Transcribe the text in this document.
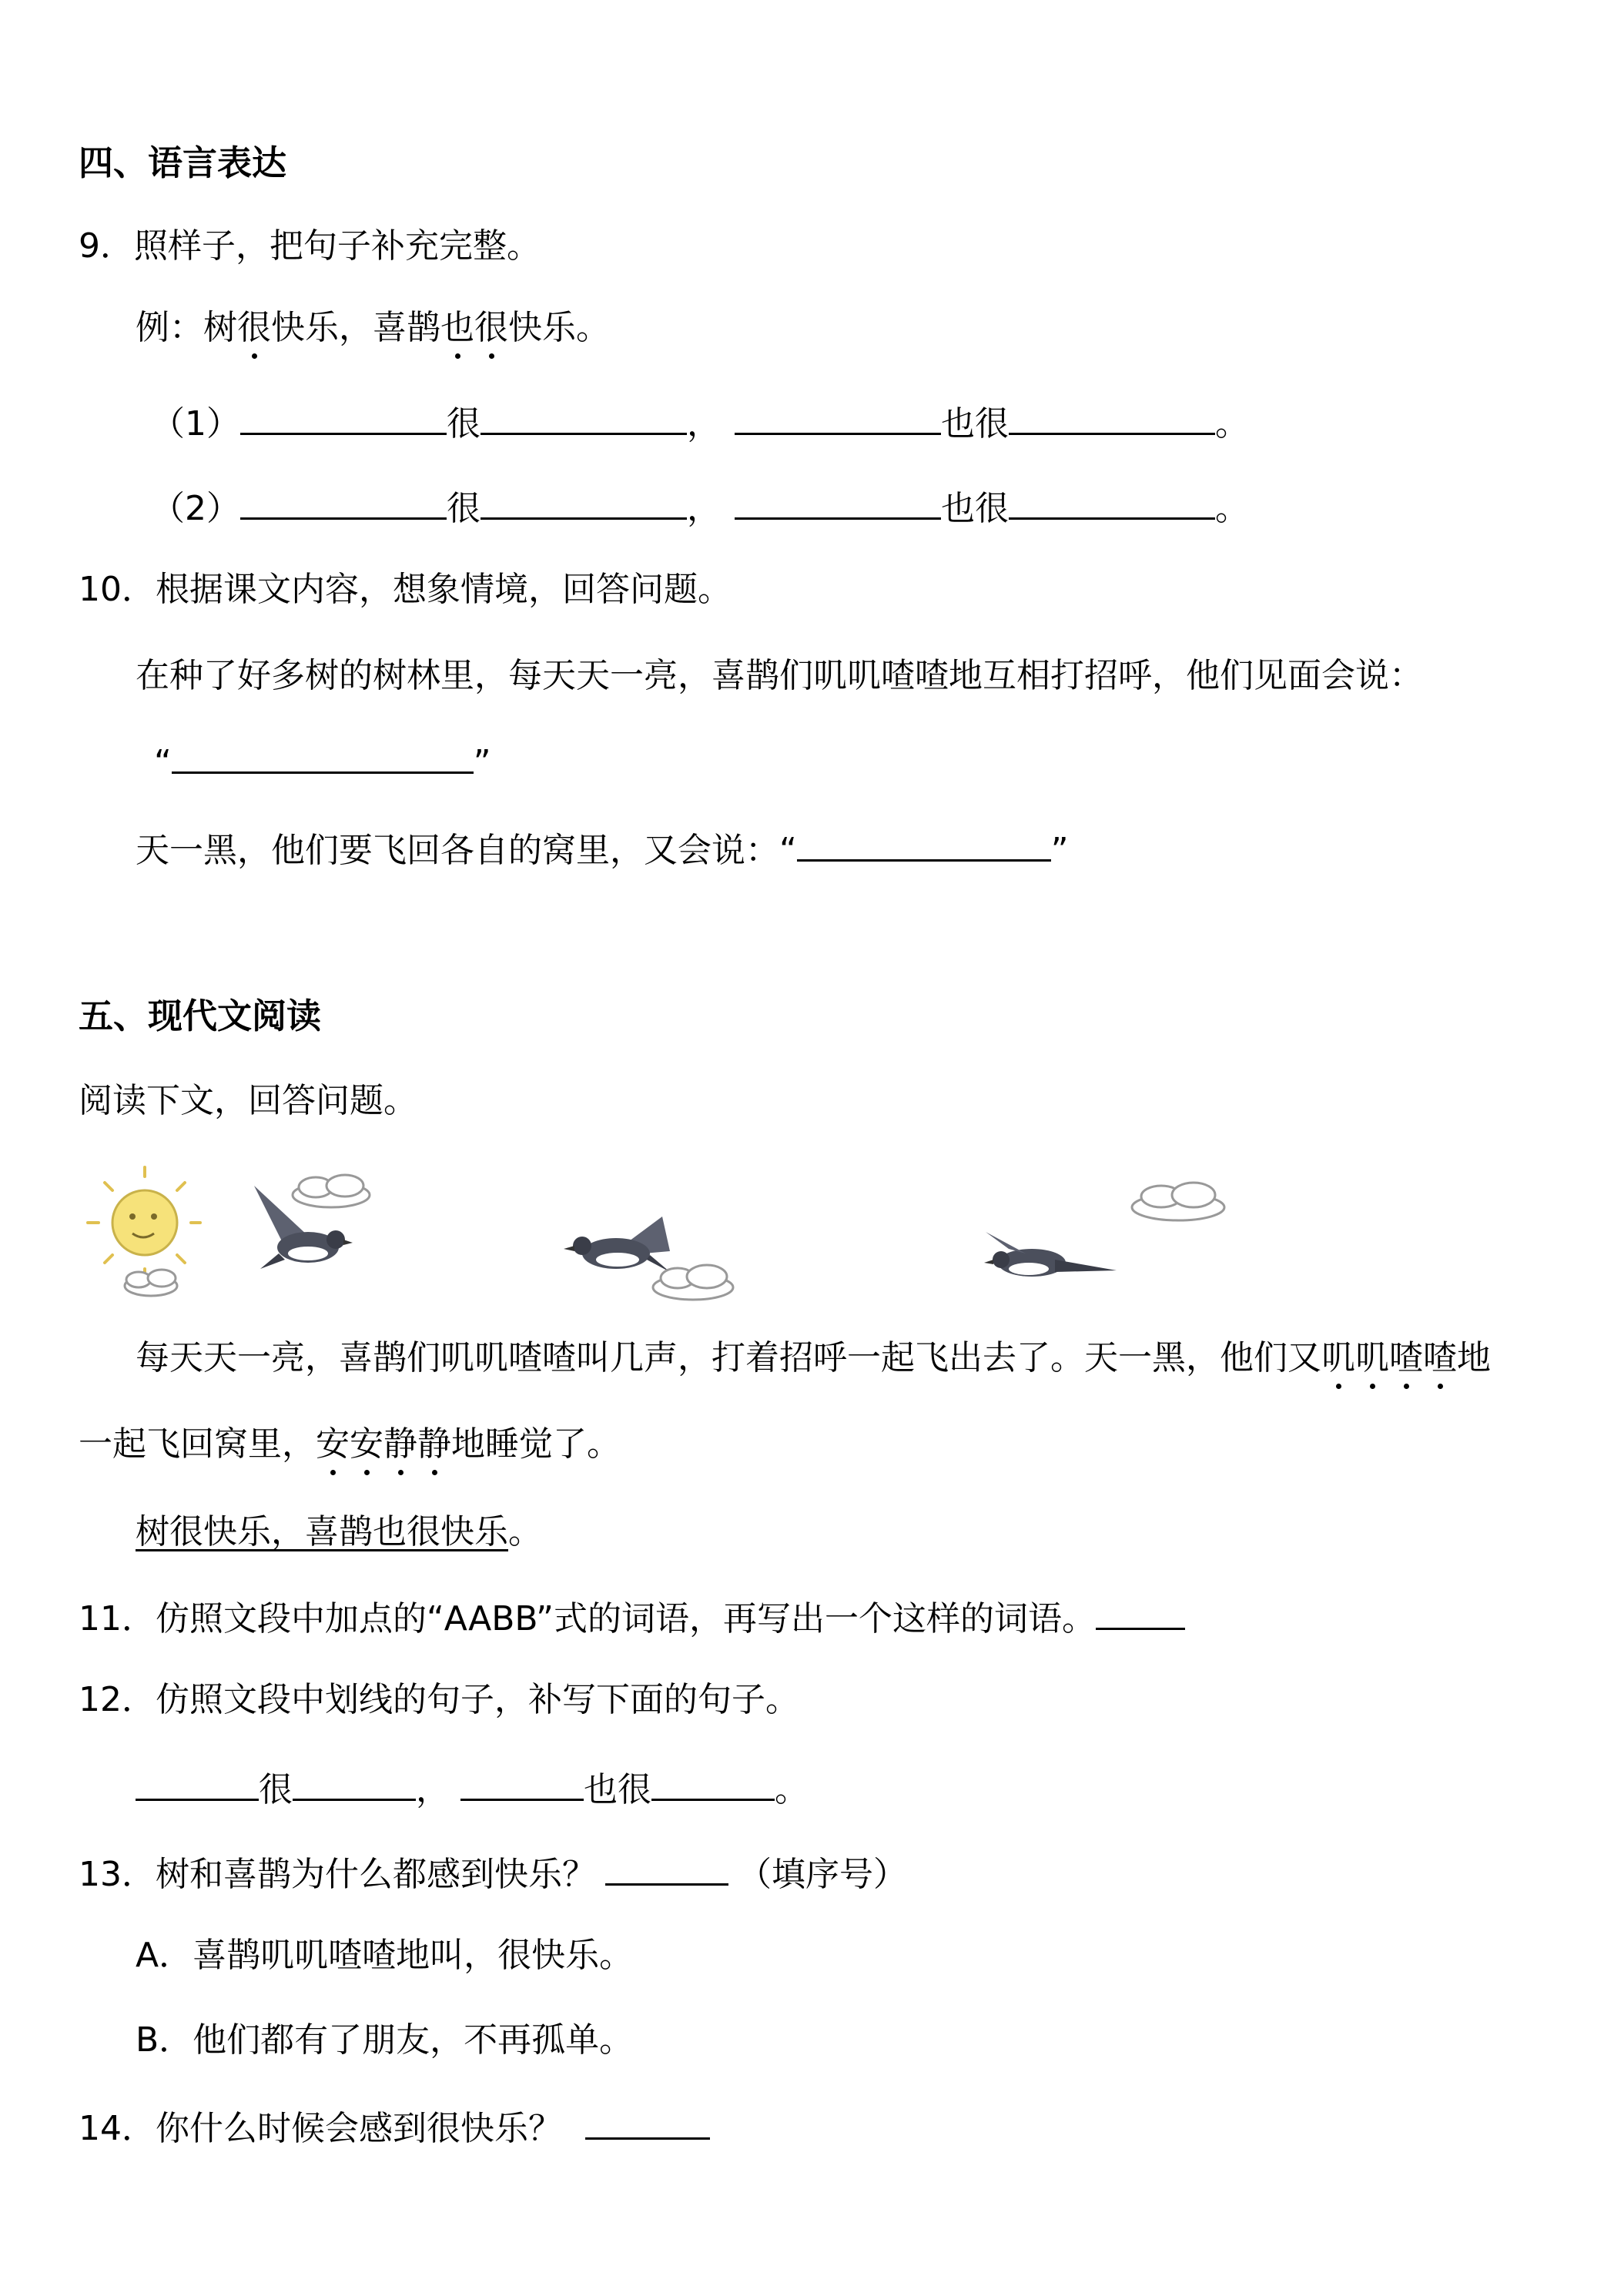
四、语言表达
9．照样子，把句子补充完整。
例：树很快乐，喜鹊也很快乐。
（1）	很	，	也很	。
（2）	很	，	也很	。
10．根据课文内容，想象情境，回答问题。
在种了好多树的树林里，每天天一亮，喜鹊们叽叽喳喳地互相打招呼，他们见面会说：
“	”
天一黑，他们要飞回各自的窝里，又会说：“	”
五、现代文阅读
阅读下文，回答问题。
每天天一亮，喜鹊们叽叽喳喳叫几声，打着招呼一起飞出去了。天一黑，他们又叽叽喳喳地
一起飞回窝里，安安静静地睡觉了。
树很快乐，喜鹊也很快乐。
11．仿照文段中加点的“AABB”式的词语，再写出一个这样的词语。
12．仿照文段中划线的句子，补写下面的句子。
很	，	也很	。
13．树和喜鹊为什么都感到快乐？	（填序号）
A．喜鹊叽叽喳喳地叫，很快乐。
B．他们都有了朋友，不再孤单。
14．你什么时候会感到很快乐？
